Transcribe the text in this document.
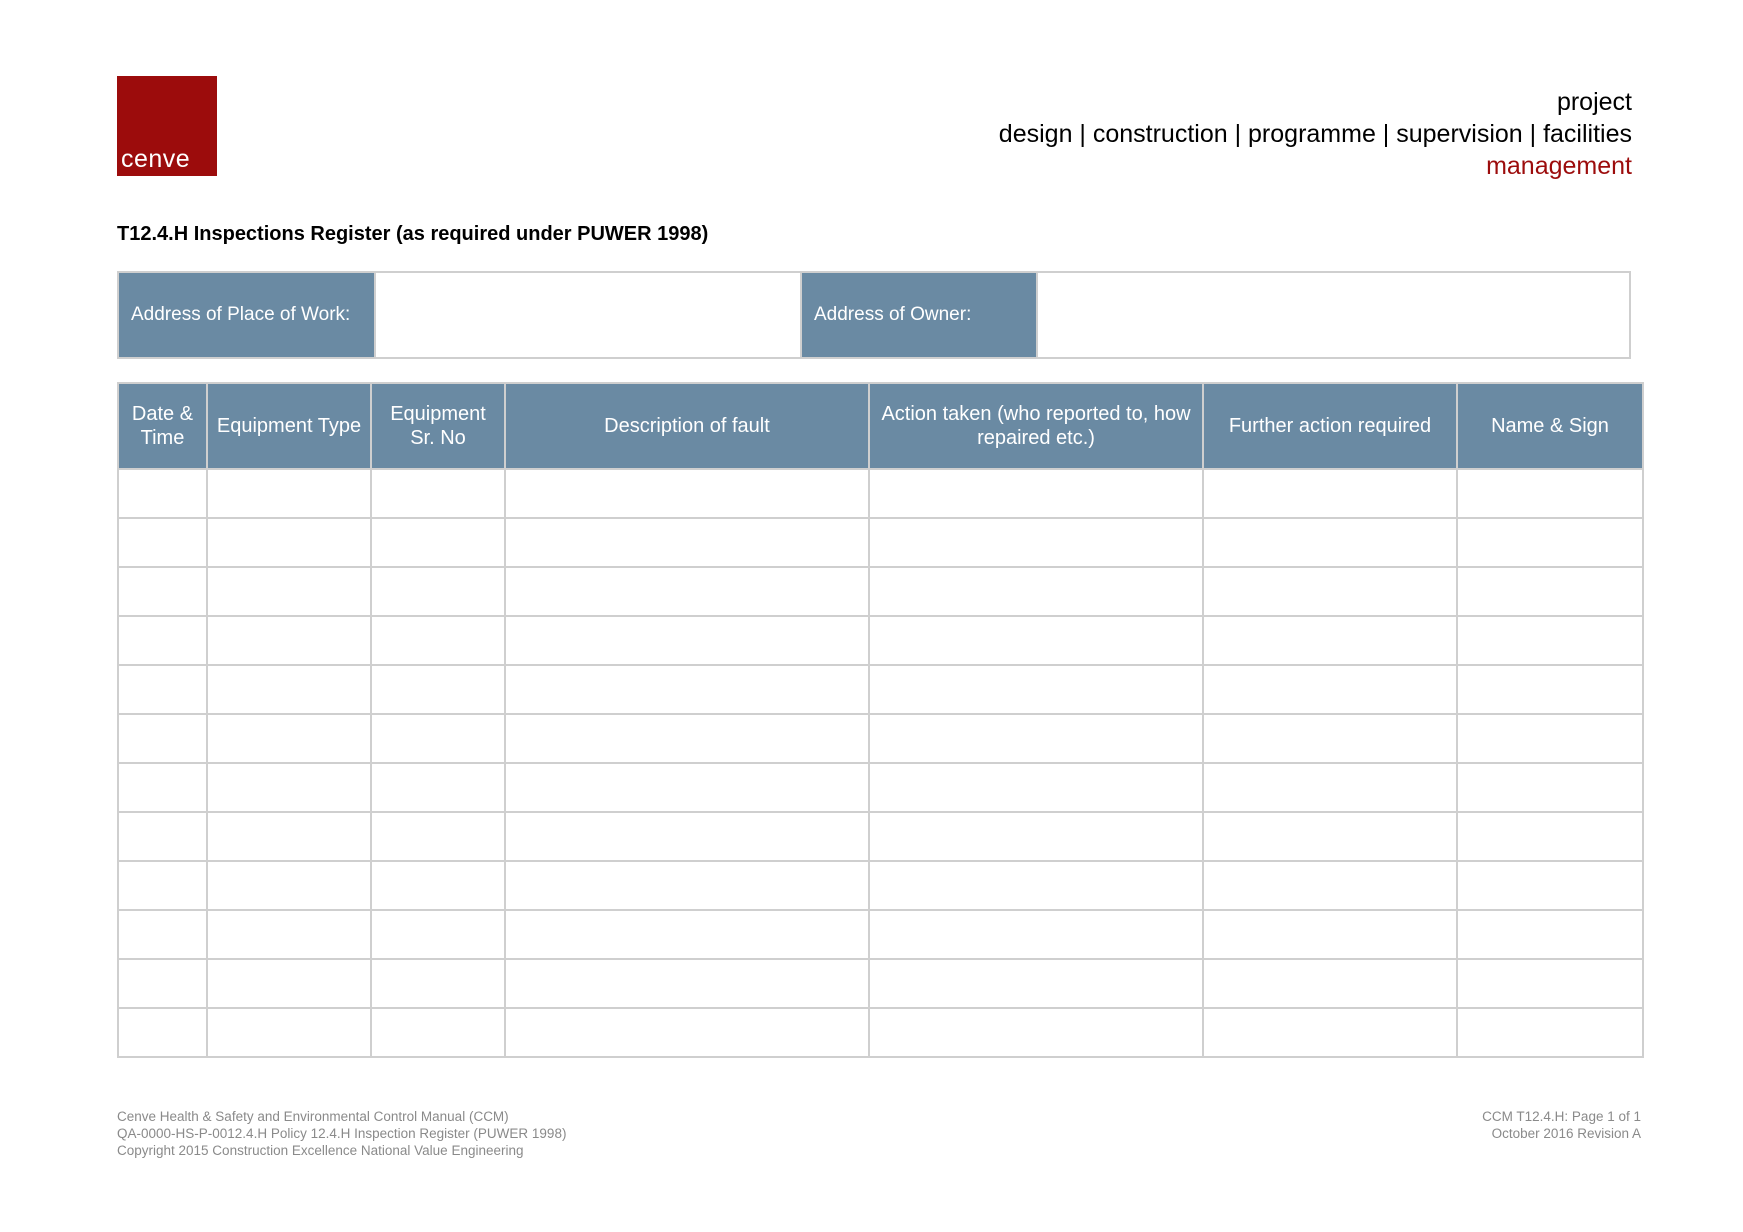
cenve
project
design | construction | programme | supervision | facilities
management
T12.4.H Inspections Register (as required under PUWER 1998)
Address of Place of Work:		Address of Owner:	
Date & Time	Equipment Type	Equipment Sr. No	Description of fault	Action taken (who reported to, how repaired etc.)	Further action required	Name & Sign

Cenve Health & Safety and Environmental Control Manual (CCM)
QA-0000-HS-P-0012.4.H Policy 12.4.H Inspection Register (PUWER 1998)
Copyright 2015 Construction Excellence National Value Engineering
CCM T12.4.H: Page 1 of 1
October 2016 Revision A
